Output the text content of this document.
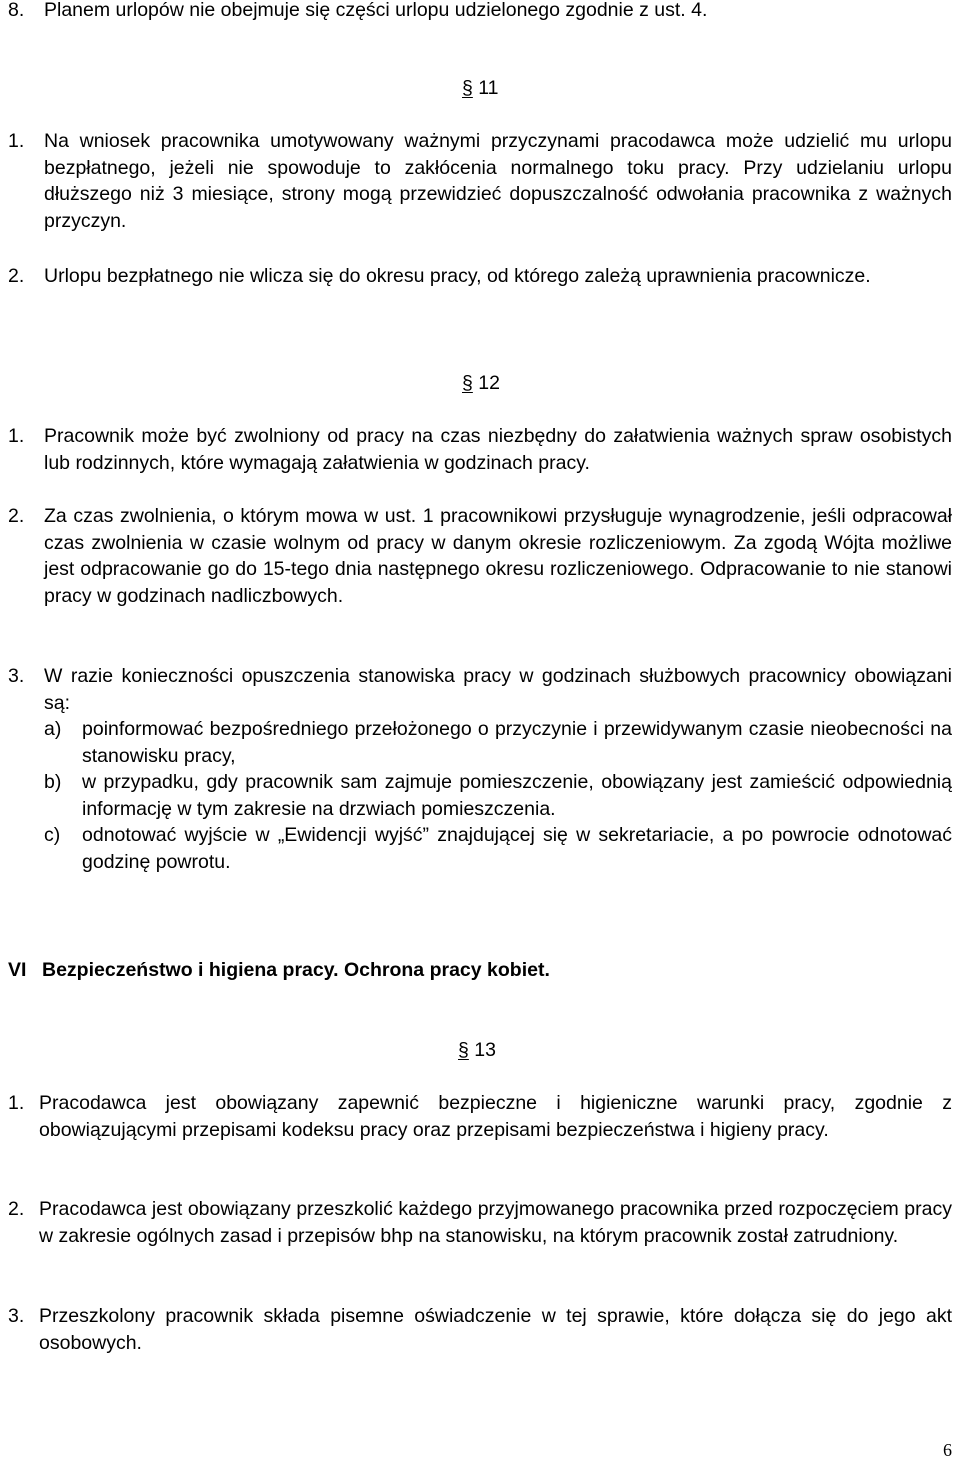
8.	Planem urlopów nie obejmuje się części urlopu udzielonego zgodnie z ust. 4.
§ 11
1.	Na wniosek pracownika umotywowany ważnymi przyczynami pracodawca może udzielić mu urlopu bezpłatnego, jeżeli nie spowoduje to zakłócenia normalnego toku pracy. Przy udzielaniu urlopu dłuższego niż 3 miesiące, strony mogą przewidzieć dopuszczalność odwołania pracownika z ważnych przyczyn.
2.	Urlopu bezpłatnego nie wlicza się do okresu pracy, od którego zależą uprawnienia pracownicze.
§ 12
1.	Pracownik może być zwolniony od pracy na czas niezbędny do załatwienia ważnych spraw osobistych lub rodzinnych, które wymagają załatwienia w godzinach pracy.
2.	Za czas zwolnienia, o którym mowa w ust. 1 pracownikowi przysługuje wynagrodzenie, jeśli odpracował czas zwolnienia w czasie wolnym od pracy w danym okresie rozliczeniowym. Za zgodą Wójta możliwe jest odpracowanie go do 15-tego dnia następnego okresu rozliczeniowego. Odpracowanie to nie stanowi pracy w godzinach nadliczbowych.
3.	W razie konieczności opuszczenia stanowiska pracy w godzinach służbowych pracownicy obowiązani są:
a)	poinformować bezpośredniego przełożonego o przyczynie i przewidywanym czasie nieobecności na stanowisku pracy,
b)	w przypadku, gdy pracownik sam zajmuje pomieszczenie, obowiązany jest zamieścić odpowiednią informację w tym zakresie na drzwiach pomieszczenia.
c)	odnotować wyjście w „Ewidencji wyjść” znajdującej się w sekretariacie, a po powrocie odnotować godzinę powrotu.
VI Bezpieczeństwo i higiena pracy. Ochrona pracy kobiet.
§ 13
1. Pracodawca jest obowiązany zapewnić bezpieczne i higieniczne warunki pracy, zgodnie z obowiązującymi przepisami kodeksu pracy oraz przepisami bezpieczeństwa i higieny pracy.
2. Pracodawca jest obowiązany przeszkolić każdego przyjmowanego pracownika przed rozpoczęciem pracy w zakresie ogólnych zasad i przepisów bhp na stanowisku, na którym pracownik został zatrudniony.
3. Przeszkolony pracownik składa pisemne oświadczenie w tej sprawie, które dołącza się do jego akt osobowych.
6
